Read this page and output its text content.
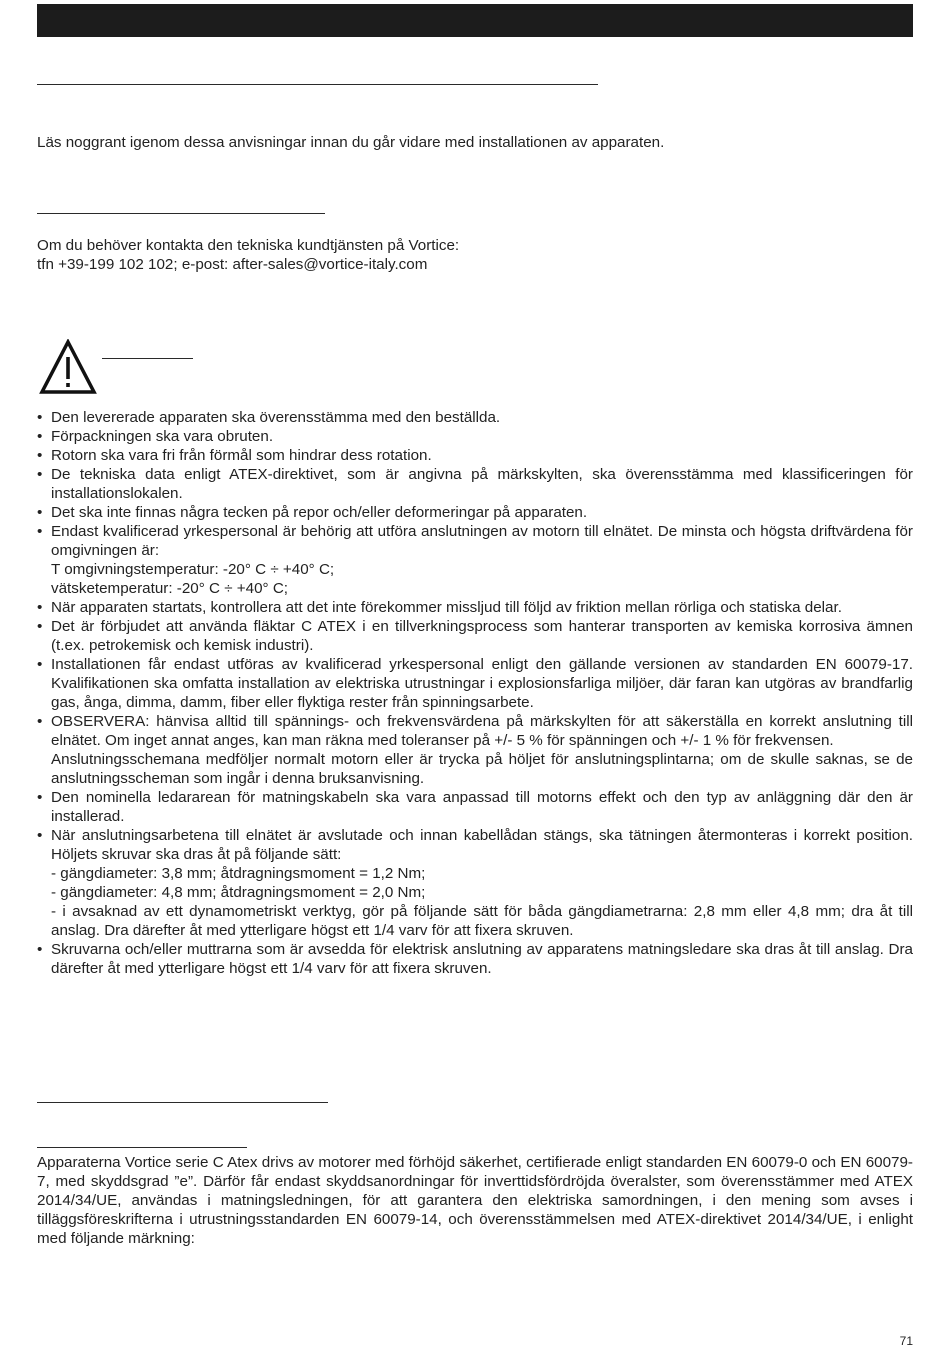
Läs noggrant igenom dessa anvisningar innan du går vidare med installationen av apparaten.

Om du behöver kontakta den tekniska kundtjänsten på Vortice:
tfn +39-199 102 102; e-post: after-sales@vortice-italy.com

• Den levererade apparaten ska överensstämma med den beställda.
• Förpackningen ska vara obruten.
• Rotorn ska vara fri från förmål som hindrar dess rotation.
• De tekniska data enligt ATEX-direktivet, som är angivna på märkskylten, ska överensstämma med klassificeringen för installationslokalen.
• Det ska inte finnas några tecken på repor och/eller deformeringar på apparaten.
• Endast kvalificerad yrkespersonal är behörig att utföra anslutningen av motorn till elnätet. De minsta och högsta driftvärdena för omgivningen är:
T omgivningstemperatur: -20° C ÷ +40° C;
vätsketemperatur: -20° C ÷ +40° C;
• När apparaten startats, kontrollera att det inte förekommer missljud till följd av friktion mellan rörliga och statiska delar.
• Det är förbjudet att använda fläktar C ATEX i en tillverkningsprocess som hanterar transporten av kemiska korrosiva ämnen (t.ex. petrokemisk och kemisk industri).
• Installationen får endast utföras av kvalificerad yrkespersonal enligt den gällande versionen av standarden EN 60079-17. Kvalifikationen ska omfatta installation av elektriska utrustningar i explosionsfarliga miljöer, där faran kan utgöras av brandfarlig gas, ånga, dimma, damm, fiber eller flyktiga rester från spinningsarbete.
• OBSERVERA: hänvisa alltid till spännings- och frekvensvärdena på märkskylten för att säkerställa en korrekt anslutning till elnätet. Om inget annat anges, kan man räkna med toleranser på +/- 5 % för spänningen och +/- 1 % för frekvensen.
Anslutningsschemana medföljer normalt motorn eller är trycka på höljet för anslutningsplintarna; om de skulle saknas, se de anslutningsscheman som ingår i denna bruksanvisning.
• Den nominella ledararean för matningskabeln ska vara anpassad till motorns effekt och den typ av anläggning där den är installerad.
• När anslutningsarbetena till elnätet är avslutade och innan kabellådan stängs, ska tätningen återmonteras i korrekt position. Höljets skruvar ska dras åt på följande sätt:
- gängdiameter: 3,8 mm; åtdragningsmoment = 1,2 Nm;
- gängdiameter: 4,8 mm; åtdragningsmoment = 2,0 Nm;
- i avsaknad av ett dynamometriskt verktyg, gör på följande sätt för båda gängdiametrarna: 2,8 mm eller 4,8 mm; dra åt till anslag. Dra därefter åt med ytterligare högst ett 1/4 varv för att fixera skruven.
• Skruvarna och/eller muttrarna som är avsedda för elektrisk anslutning av apparatens matningsledare ska dras åt till anslag. Dra därefter åt med ytterligare högst ett 1/4 varv för att fixera skruven.

Apparaterna Vortice serie C Atex drivs av motorer med förhöjd säkerhet, certifierade enligt standarden EN 60079-0 och EN 60079-7, med skyddsgrad ”e”. Därför får endast skyddsanordningar för inverttidsfördröjda överalster, som överensstämmer med ATEX 2014/34/UE, användas i matningsledningen, för att garantera den elektriska samordningen, i den mening som avses i tilläggsföreskrifterna i utrustningsstandarden EN 60079-14, och överensstämmelsen med ATEX-direktivet 2014/34/UE, i enlight med följande märkning:

71
